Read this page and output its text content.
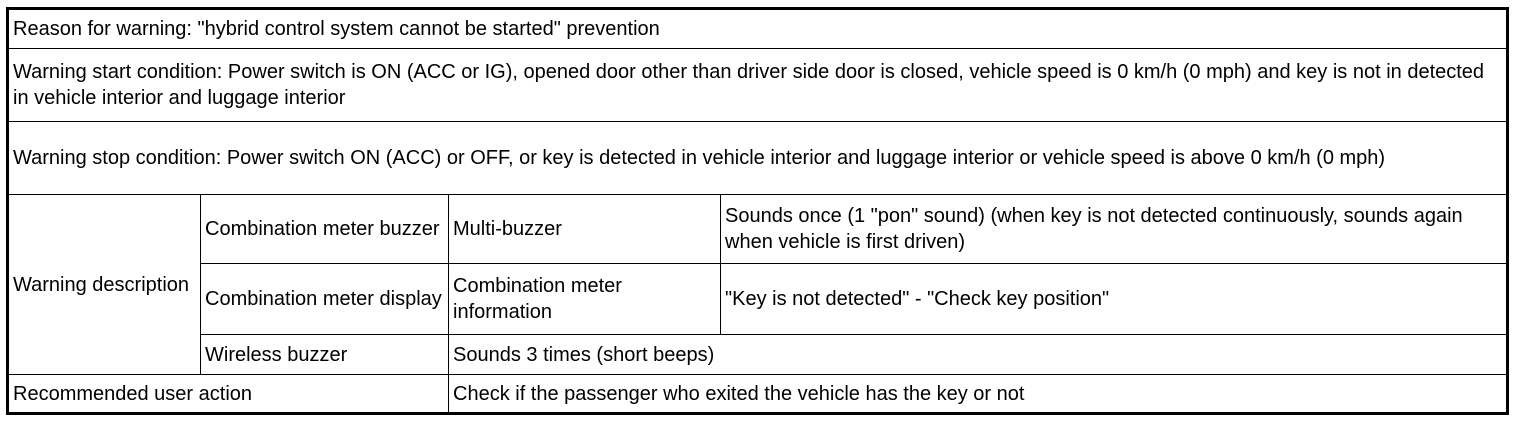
Reason for warning: "hybrid control system cannot be started" prevention			
Warning start condition: Power switch is ON (ACC or IG), opened door other than driver side door is closed, vehicle speed is 0 km/h (0 mph) and key is not in detected in vehicle interior and luggage interior			
Warning stop condition: Power switch ON (ACC) or OFF, or key is detected in vehicle interior and luggage interior or vehicle speed is above 0 km/h (0 mph)			
Warning description	Combination meter buzzer	Multi-buzzer	Sounds once (1 "pon" sound) (when key is not detected continuously, sounds again when vehicle is first driven)
	Combination meter display	Combination meter information	"Key is not detected" - "Check key position"
	Wireless buzzer	Sounds 3 times (short beeps)	
Recommended user action		Check if the passenger who exited the vehicle has the key or not	
